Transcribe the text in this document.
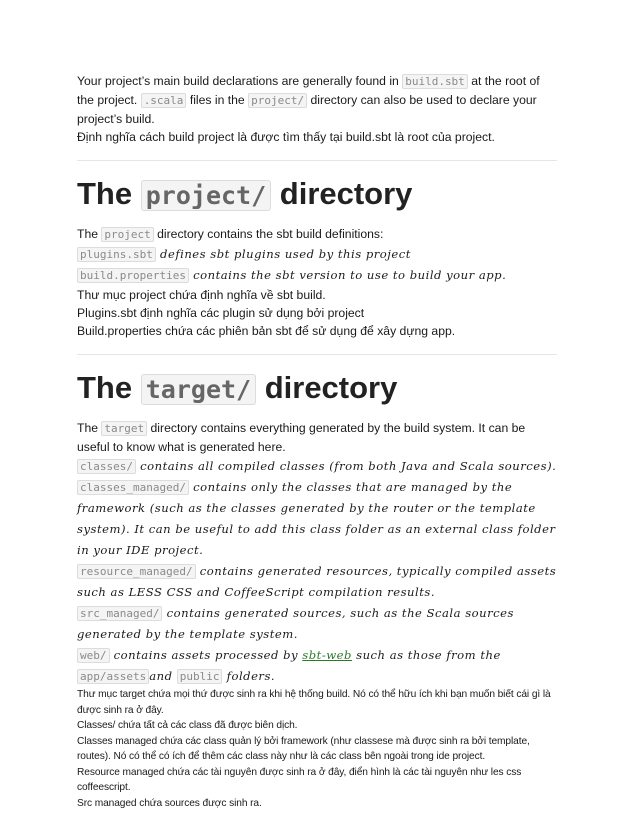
Your project’s main build declarations are generally found in build.sbt at the root of the project. .scala files in the project/ directory can also be used to declare your project’s build.

Định nghĩa cách build project là được tìm thấy tại build.sbt là root của project.

The project/ directory

The project directory contains the sbt build definitions:

plugins.sbt defines sbt plugins used by this project

build.properties contains the sbt version to use to build your app.

Thư mục project chứa định nghĩa về sbt build.

Plugins.sbt định nghĩa các plugin sử dụng bởi project

Build.properties chứa các phiên bản sbt để sử dụng để xây dựng app.

The target/ directory

The target directory contains everything generated by the build system. It can be useful to know what is generated here.

classes/ contains all compiled classes (from both Java and Scala sources).

classes_managed/ contains only the classes that are managed by the framework (such as the classes generated by the router or the template system). It can be useful to add this class folder as an external class folder in your IDE project.

resource_managed/ contains generated resources, typically compiled assets such as LESS CSS and CoffeeScript compilation results.

src_managed/ contains generated sources, such as the Scala sources generated by the template system.

web/ contains assets processed by sbt-web such as those from the app/assets and public folders.

Thư mục target chứa mọi thứ được sinh ra khi hệ thống build. Nó có thể hữu ích khi bạn muốn biết cái gì là được sinh ra ở đây.

Classes/ chứa tất cả các class đã được biên dịch.

Classes managed chứa các class quản lý bởi framework (như classese mà được sinh ra bởi template, routes). Nó có thể có ích để thêm các class này như là các class bên ngoài trong ide project.

Resource managed chứa các tài nguyên được sinh ra ở đây, điển hình là các tài nguyên như les css coffeescript.

Src managed chứa sources được sinh ra.
